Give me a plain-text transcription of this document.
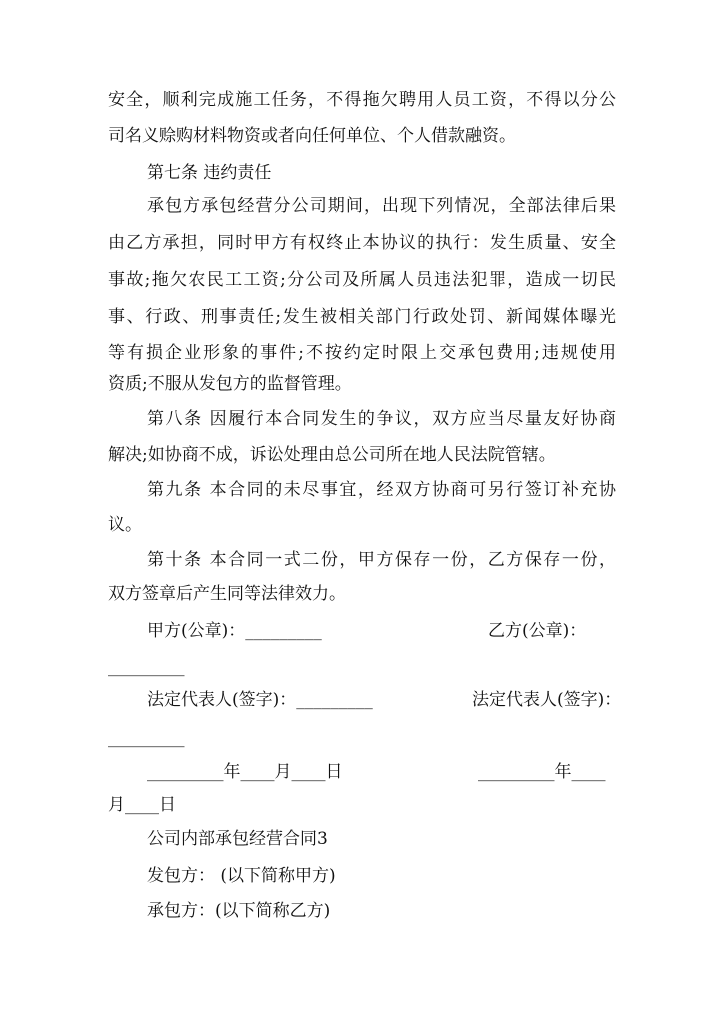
安全，顺利完成施工任务，不得拖欠聘用人员工资，不得以分公

司名义赊购材料物资或者向任何单位、个人借款融资。

第七条 违约责任

承包方承包经营分公司期间，出现下列情况，全部法律后果

由乙方承担，同时甲方有权终止本协议的执行：发生质量、安全

事故;拖欠农民工工资;分公司及所属人员违法犯罪，造成一切民

事、行政、刑事责任;发生被相关部门行政处罚、新闻媒体曝光

等有损企业形象的事件;不按约定时限上交承包费用;违规使用

资质;不服从发包方的监督管理。

第八条 因履行本合同发生的争议，双方应当尽量友好协商

解决;如协商不成，诉讼处理由总公司所在地人民法院管辖。

第九条 本合同的未尽事宜，经双方协商可另行签订补充协

议。

第十条 本合同一式二份，甲方保存一份，乙方保存一份，

双方签章后产生同等法律效力。

甲方(公章)：_________	乙方(公章)：

_________

法定代表人(签字)：_________	法定代表人(签字)：

_________

_________年____月____日	_________年____

月____日

公司内部承包经营合同3

发包方： (以下简称甲方)

承包方：(以下简称乙方)
